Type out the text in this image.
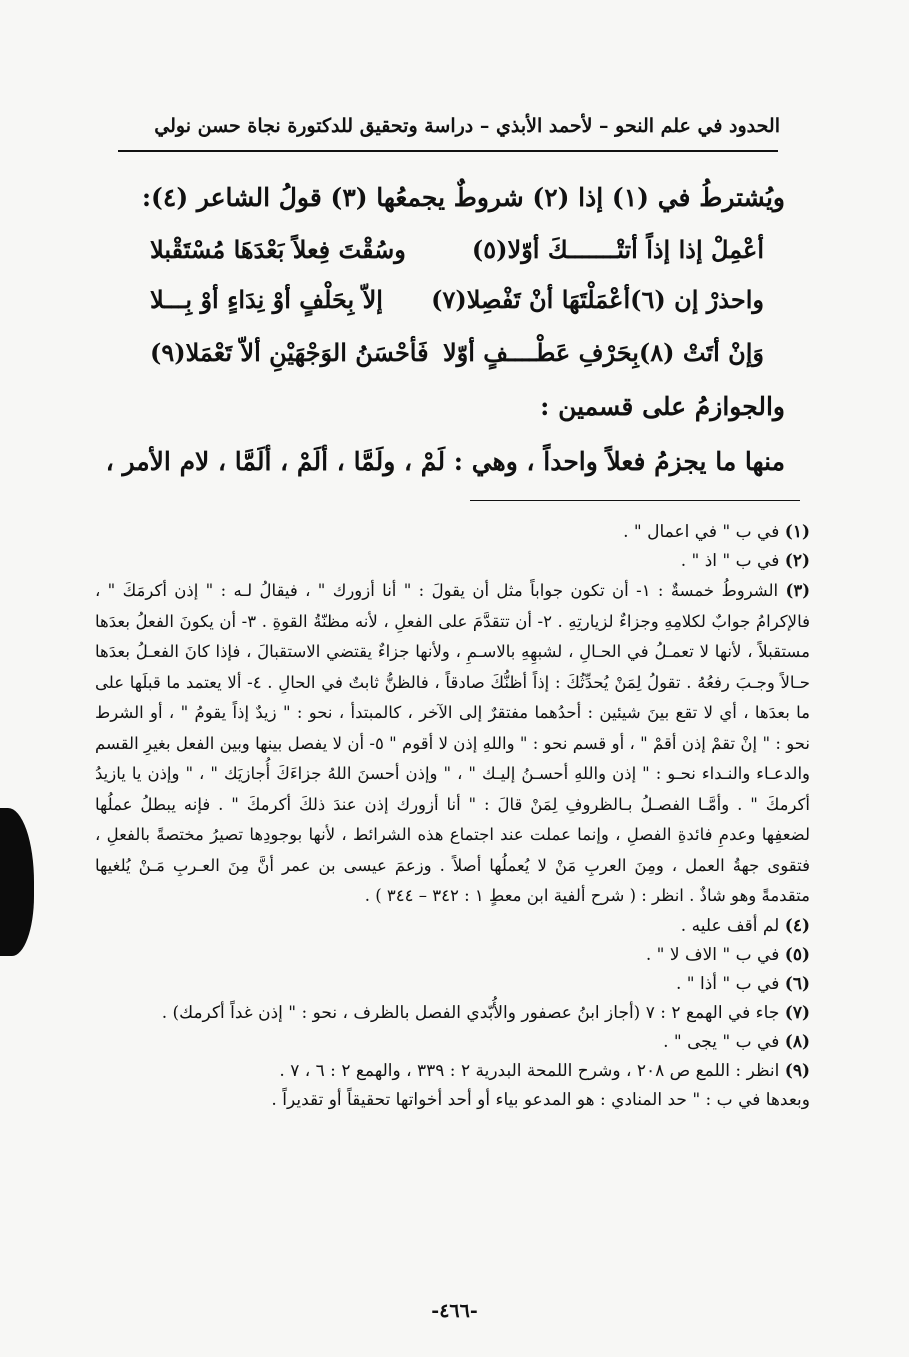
الحدود في علم النحو – لأحمد الأبذي – دراسة وتحقيق للدكتورة نجاة حسن نولي
ويُشترطُ في (١) إذا (٢) شروطٌ يجمعُها (٣) قولُ الشاعر (٤):
أعْمِلْ إذا إذاً أتتْـــــــكَ أوّلا(٥)
وسُقْتَ فِعلاً بَعْدَهَا مُسْتَقْبلا
واحذرْ إن (٦)أعْمَلْتَهَا أنْ تَفْصِلا(٧)
إلاّ بِحَلْفٍ أوْ نِدَاءٍ أوْ بِـــلا
وَإنْ أتَتْ (٨)بِحَرْفِ عَطْــــفٍ أوّلا
فَأحْسَنُ الوَجْهَيْنِ ألاّ تَعْمَلا(٩)
والجوازمُ على قسمين :
منها ما يجزمُ فعلاً واحداً ، وهي : لَمْ ، ولَمَّا ، ألَمْ ، ألَمَّا ، لام الأمر ،
(١) في ب " في اعمال " .
(٢) في ب " اذ " .
(٣) الشروطُ خمسةٌ : ١- أن تكون جواباً مثل أن يقولَ : " أنا أزورك " ، فيقالُ لـه : " إذن أكرمَكَ " ، فالإكرامُ جوابٌ لكلامِهِ وجزاءٌ لزيارتِهِ . ٢- أن تتقدَّمَ على الفعلِ ، لأنه مظنّةُ القوةِ . ٣- أن يكونَ الفعلُ بعدَها مستقبلاً ، لأنها لا تعمـلُ في الحـالِ ، لشبهِهِ بالاسـمِ ، ولأنها جزاءٌ يقتضي الاستقبالَ ، فإذا كانَ الفعـلُ بعدَها حـالاً وجـبَ رفعُهُ . تقولُ لِمَنْ يُحدِّثُكَ : إذاً أظنُّكَ صادقاً ، فالظنُّ ثابتٌ في الحالِ . ٤- ألا يعتمد ما قبلَها على ما بعدَها ، أي لا تقع بينَ شيئين : أحدُهما مفتقرٌ إلى الآخر ، كالمبتدأ ، نحو : " زيدٌ إذاً يقومُ " ، أو الشرط نحو : " إنْ تقمْ إذن أقمْ " ، أو قسم نحو : " واللهِ إذن لا أقوم " ٥- أن لا يفصل بينها وبين الفعل بغيرِ القسم والدعـاء والنـداء نحـو : " إذن واللهِ أحسـنُ إليـك " ، " وإذن أحسنَ اللهُ جزاءَكَ أُجازيَك " ، " وإذن يا يازيدُ أكرمكَ " . وأمَّـا الفصـلُ بـالظروفِ لِمَنْ قالَ : " أنا أزورك إذن عندَ ذلكَ أكرمكَ " . فإنه يبطلُ عملُها لضعفِها وعدمِ فائدةِ الفصلِ ، وإنما عملت عند اجتماع هذه الشرائط ، لأنها بوجودِها تصيرُ مختصةً بالفعلِ ، فتقوى جهةُ العمل ، ومِنَ العربِ مَنْ لا يُعملُها أصلاً . وزعمَ عيسى بن عمر أنَّ مِنَ العـربِ مَـنْ يُلغيها متقدمةً وهو شاذٌ . انظر : ( شرح ألفية ابن معطٍ ١ : ٣٤٢ – ٣٤٤ ) .
(٤) لم أقف عليه .
(٥) في ب " الاف لا " .
(٦) في ب " أذا " .
(٧) جاء في الهمع ٢ : ٧ (أجاز ابنُ عصفور والأُبّدي الفصل بالظرف ، نحو : " إذن غداً أكرمك) .
(٨) في ب " يجى " .
(٩) انظر : اللمع ص ٢٠٨ ، وشرح اللمحة البدرية ٢ : ٣٣٩ ، والهمع ٢ : ٦ ، ٧ .
وبعدها في ب : " حد المنادي : هو المدعو بياء أو أحد أخواتها تحقيقاً أو تقديراً .
-٤٦٦-
